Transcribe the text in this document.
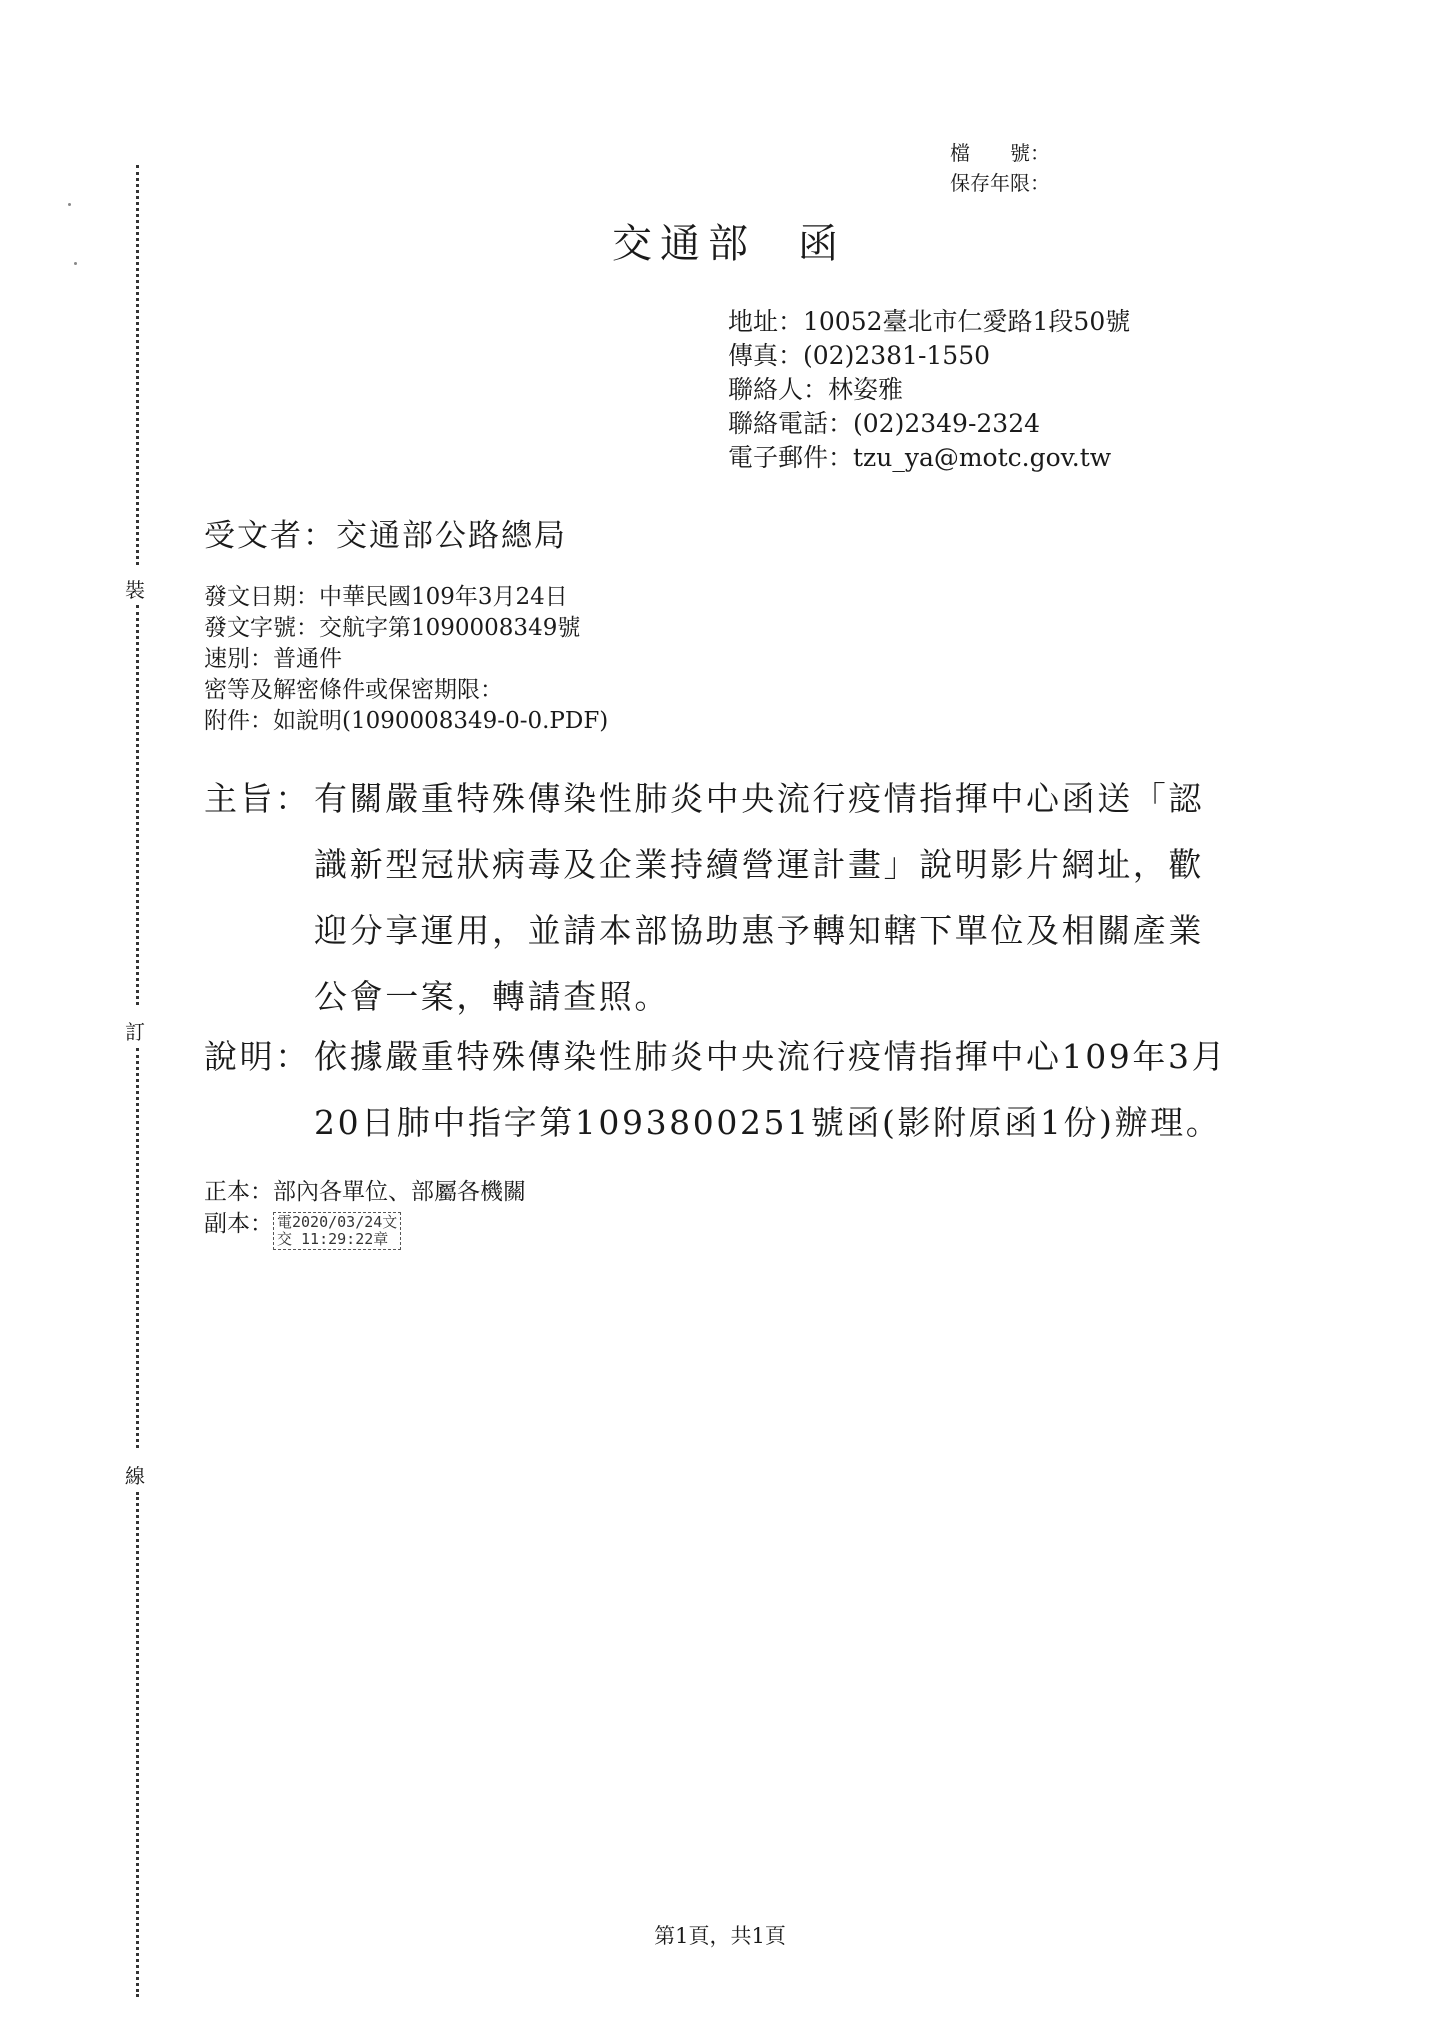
裝
訂
線
檔　　號：
保存年限：
交通部 函
地址：10052臺北市仁愛路1段50號
傳真：(02)2381-1550
聯絡人：林姿雅
聯絡電話：(02)2349-2324
電子郵件：tzu_ya@motc.gov.tw
受文者：交通部公路總局
發文日期：中華民國109年3月24日
發文字號：交航字第1090008349號
速別：普通件
密等及解密條件或保密期限：
附件：如說明(1090008349-0-0.PDF)
主旨：有關嚴重特殊傳染性肺炎中央流行疫情指揮中心函送「認
識新型冠狀病毒及企業持續營運計畫」說明影片網址，歡
迎分享運用，並請本部協助惠予轉知轄下單位及相關產業
公會一案，轉請查照。
說明：依據嚴重特殊傳染性肺炎中央流行疫情指揮中心109年3月
20日肺中指字第1093800251號函(影附原函1份)辦理。
正本：部內各單位、部屬各機關
副本： 電2020/03/24文
交 11:29:22章
第1頁，共1頁
